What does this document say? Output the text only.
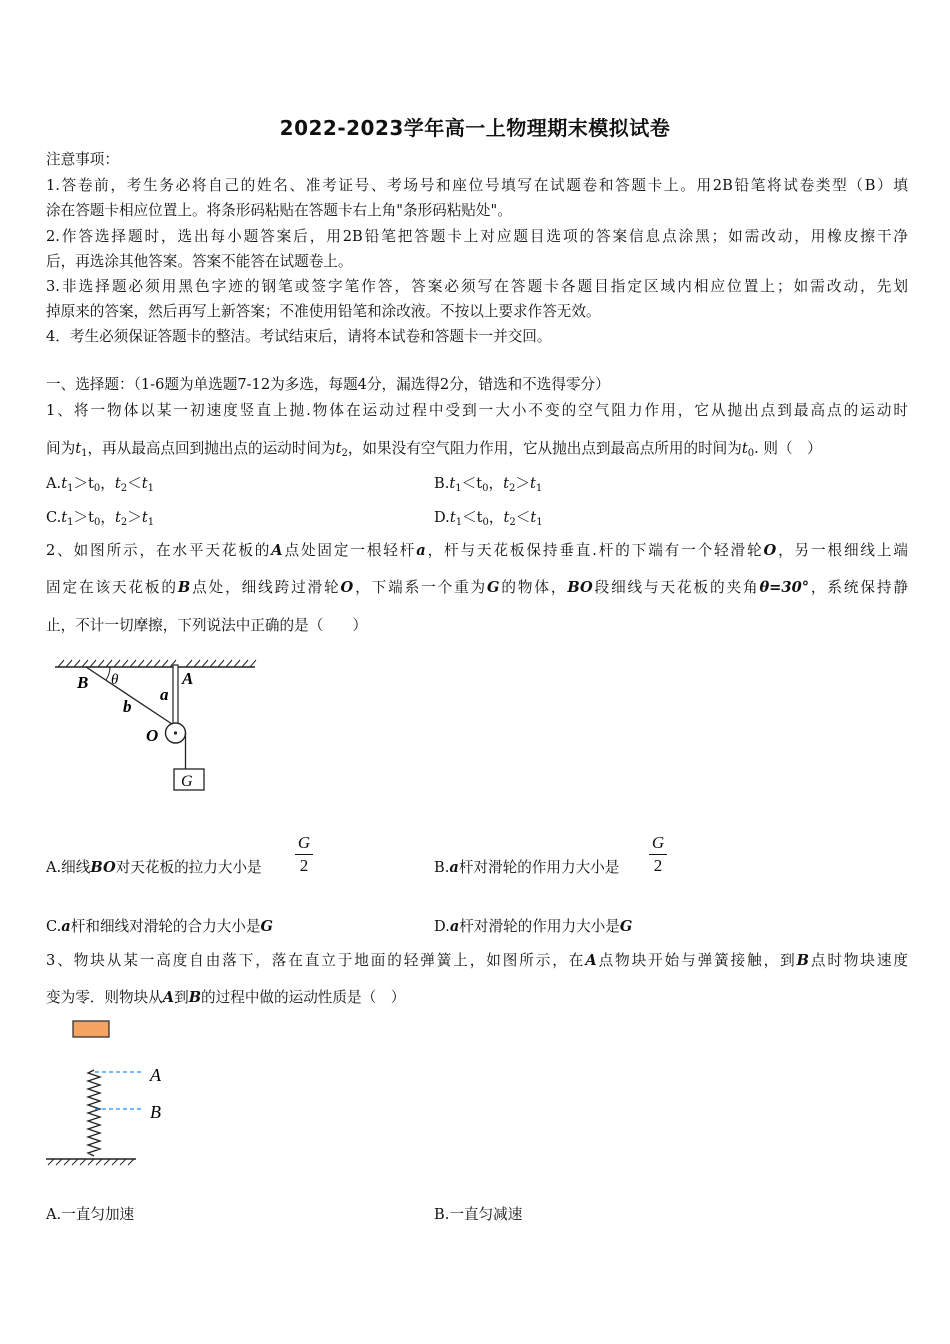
2022-2023学年高一上物理期末模拟试卷
注意事项：
1.答卷前，考生务必将自己的姓名、准考证号、考场号和座位号填写在试题卷和答题卡上。用2B铅笔将试卷类型（B）填
涂在答题卡相应位置上。将条形码粘贴在答题卡右上角"条形码粘贴处"。
2.作答选择题时，选出每小题答案后，用2B铅笔把答题卡上对应题目选项的答案信息点涂黑；如需改动，用橡皮擦干净
后，再选涂其他答案。答案不能答在试题卷上。
3.非选择题必须用黑色字迹的钢笔或签字笔作答，答案必须写在答题卡各题目指定区域内相应位置上；如需改动，先划
掉原来的答案，然后再写上新答案；不准使用铅笔和涂改液。不按以上要求作答无效。
4．考生必须保证答题卡的整洁。考试结束后，请将本试卷和答题卡一并交回。
一、选择题：（1-6题为单选题7-12为多选，每题4分，漏选得2分，错选和不选得零分）
1、将一物体以某一初速度竖直上抛.物体在运动过程中受到一大小不变的空气阻力作用，它从抛出点到最高点的运动时
间为$t_1$，再从最高点回到抛出点的运动时间为$t_2$，如果没有空气阻力作用，它从抛出点到最高点所用的时间为$t_0$. 则（　）
$A.t_1>t_0$，$t_2<t_1$	$B.t_1<t_0$，$t_2>t_1$
$C.t_1>t_0$，$t_2>t_1$	$D.t_1<t_0$，$t_2<t_1$
2、如图所示，在水平天花板的A点处固定一根轻杆a，杆与天花板保持垂直.杆的下端有一个轻滑轮O，另一根细线上端
固定在该天花板的B点处，细线跨过滑轮O，下端系一个重为G的物体，BO段细线与天花板的夹角θ=30°，系统保持静
止，不计一切摩擦，下列说法中正确的是（　　）
B θ	A
a
b
O
G
A.细线BO对天花板的拉力大小是
G
2	B.a杆对滑轮的作用力大小是
G
2
C.a杆和细线对滑轮的合力大小是G	D.a杆对滑轮的作用力大小是G
3、物块从某一高度自由落下，落在直立于地面的轻弹簧上，如图所示，在A点物块开始与弹簧接触，到B点时物块速度
变为零．则物块从A到B的过程中做的运动性质是（　）
A
B
A.一直匀加速	B.一直匀减速
